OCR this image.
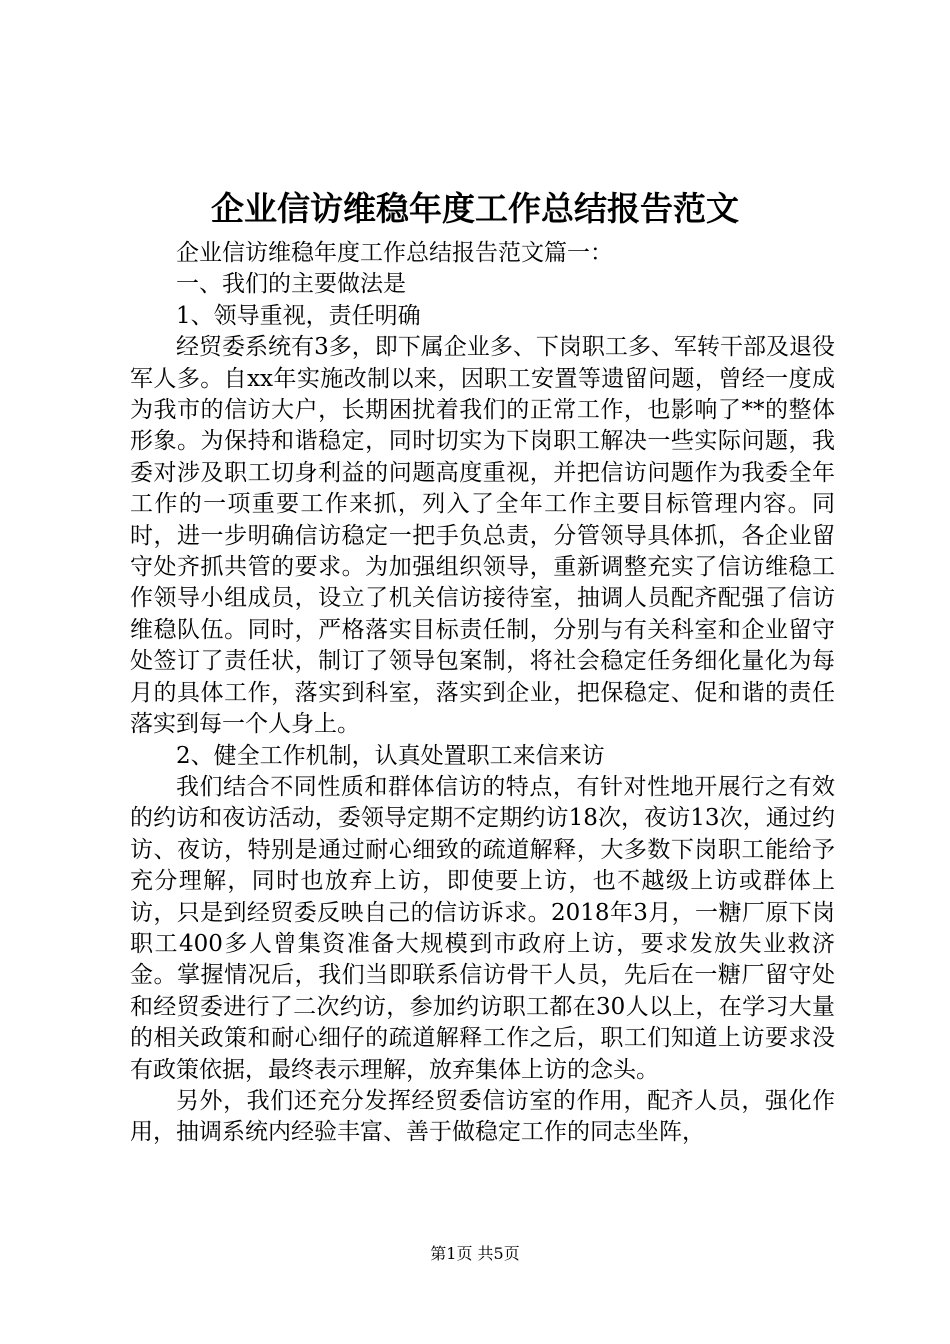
企业信访维稳年度工作总结报告范文

企业信访维稳年度工作总结报告范文篇一：

一、我们的主要做法是

1、领导重视，责任明确

经贸委系统有3多，即下属企业多、下岗职工多、军转干部及退役军人多。自xx年实施改制以来，因职工安置等遗留问题，曾经一度成为我市的信访大户，长期困扰着我们的正常工作，也影响了**的整体形象。为保持和谐稳定，同时切实为下岗职工解决一些实际问题，我委对涉及职工切身利益的问题高度重视，并把信访问题作为我委全年工作的一项重要工作来抓，列入了全年工作主要目标管理内容。同时，进一步明确信访稳定一把手负总责，分管领导具体抓，各企业留守处齐抓共管的要求。为加强组织领导，重新调整充实了信访维稳工作领导小组成员，设立了机关信访接待室，抽调人员配齐配强了信访维稳队伍。同时，严格落实目标责任制，分别与有关科室和企业留守处签订了责任状，制订了领导包案制，将社会稳定任务细化量化为每月的具体工作，落实到科室，落实到企业，把保稳定、促和谐的责任落实到每一个人身上。

2、健全工作机制，认真处置职工来信来访

我们结合不同性质和群体信访的特点，有针对性地开展行之有效的约访和夜访活动，委领导定期不定期约访18次，夜访13次，通过约访、夜访，特别是通过耐心细致的疏道解释，大多数下岗职工能给予充分理解，同时也放弃上访，即使要上访，也不越级上访或群体上访，只是到经贸委反映自己的信访诉求。2018年3月，一糖厂原下岗职工400多人曾集资准备大规模到市政府上访，要求发放失业救济金。掌握情况后，我们当即联系信访骨干人员，先后在一糖厂留守处和经贸委进行了二次约访，参加约访职工都在30人以上，在学习大量的相关政策和耐心细仔的疏道解释工作之后，职工们知道上访要求没有政策依据，最终表示理解，放弃集体上访的念头。

另外，我们还充分发挥经贸委信访室的作用，配齐人员，强化作用，抽调系统内经验丰富、善于做稳定工作的同志坐阵，

第1页 共5页
